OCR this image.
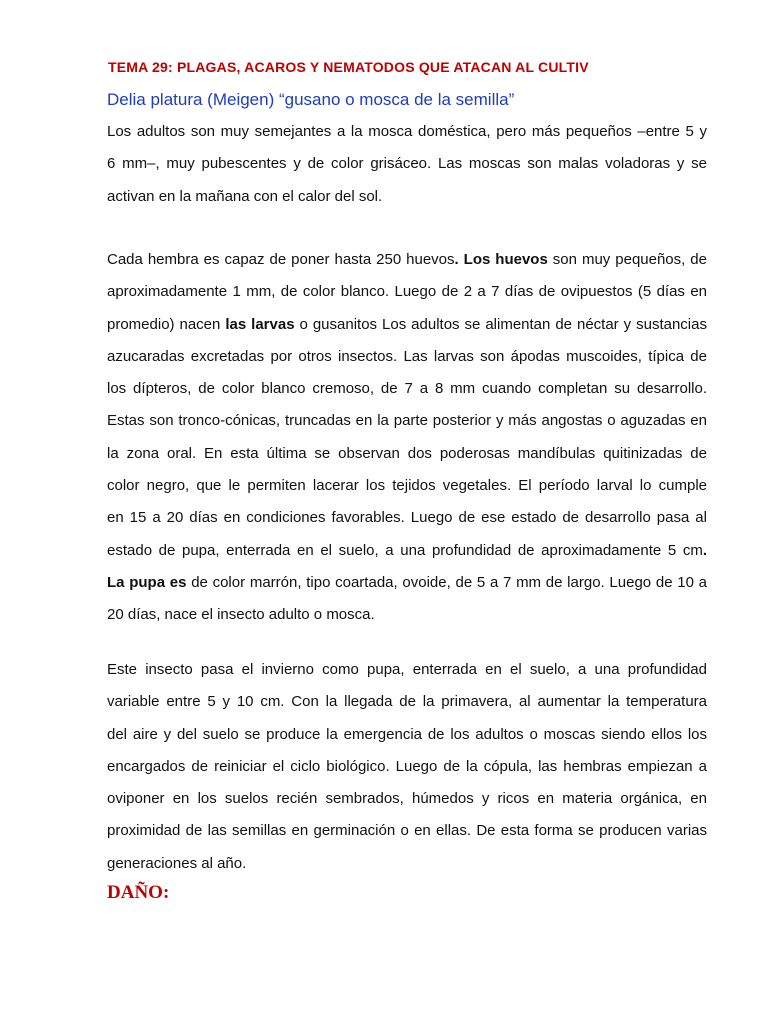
TEMA 29: PLAGAS, ACAROS Y NEMATODOS QUE ATACAN AL CULTIV
Delia platura (Meigen) “gusano o mosca de la semilla”
Los adultos son muy semejantes a la mosca doméstica, pero más pequeños –entre 5 y
6 mm–, muy pubescentes y de color grisáceo. Las moscas son malas voladoras y se
activan en la mañana con el calor del sol.
Cada hembra es capaz de poner hasta 250 huevos. Los huevos son muy pequeños, de
aproximadamente 1 mm, de color blanco. Luego de 2 a 7 días de ovipuestos (5 días en
promedio) nacen las larvas o gusanitos Los adultos se alimentan de néctar y sustancias
azucaradas excretadas por otros insectos. Las larvas son ápodas muscoides, típica de
los dípteros, de color blanco cremoso, de 7 a 8 mm cuando completan su desarrollo.
Estas son tronco-cónicas, truncadas en la parte posterior y más angostas o aguzadas en
la zona oral. En esta última se observan dos poderosas mandíbulas quitinizadas de
color negro, que le permiten lacerar los tejidos vegetales. El período larval lo cumple
en 15 a 20 días en condiciones favorables. Luego de ese estado de desarrollo pasa al
estado de pupa, enterrada en el suelo, a una profundidad de aproximadamente 5 cm.
La pupa es de color marrón, tipo coartada, ovoide, de 5 a 7 mm de largo. Luego de 10 a
20 días, nace el insecto adulto o mosca.
Este insecto pasa el invierno como pupa, enterrada en el suelo, a una profundidad
variable entre 5 y 10 cm. Con la llegada de la primavera, al aumentar la temperatura
del aire y del suelo se produce la emergencia de los adultos o moscas siendo ellos los
encargados de reiniciar el ciclo biológico. Luego de la cópula, las hembras empiezan a
oviponer en los suelos recién sembrados, húmedos y ricos en materia orgánica, en
proximidad de las semillas en germinación o en ellas. De esta forma se producen varias
generaciones al año.
DAÑO:
